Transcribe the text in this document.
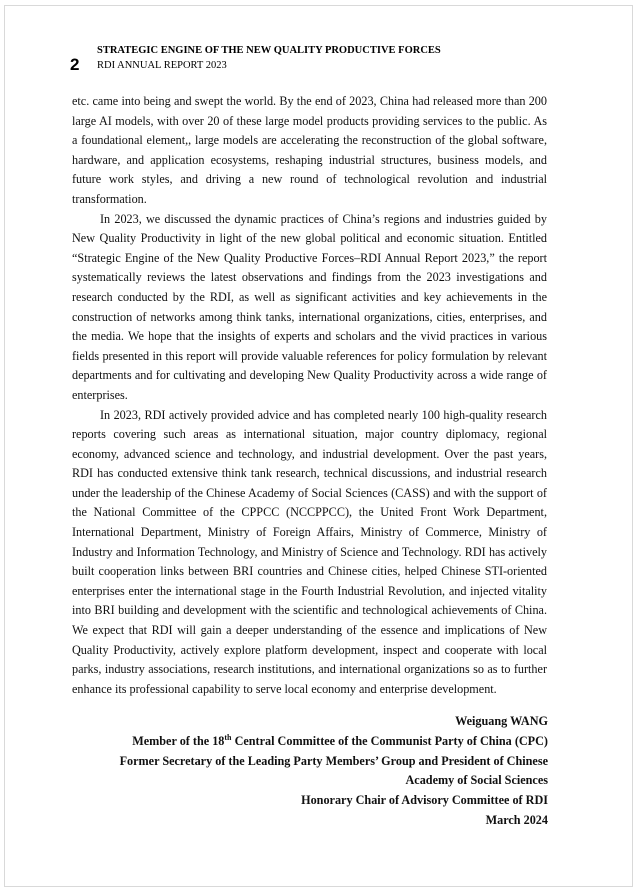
2
STRATEGIC ENGINE OF THE NEW QUALITY PRODUCTIVE FORCES
RDI ANNUAL REPORT 2023

etc. came into being and swept the world. By the end of 2023, China had released more than 200 large AI models, with over 20 of these large model products providing services to the public. As a foundational element,, large models are accelerating the reconstruction of the global software, hardware, and application ecosystems, reshaping industrial structures, business models, and future work styles, and driving a new round of technological revolution and industrial transformation.

In 2023, we discussed the dynamic practices of China’s regions and industries guided by New Quality Productivity in light of the new global political and economic situation. Entitled “Strategic Engine of the New Quality Productive Forces–RDI Annual Report 2023,” the report systematically reviews the latest observations and findings from the 2023 investigations and research conducted by the RDI, as well as significant activities and key achievements in the construction of networks among think tanks, international organizations, cities, enterprises, and the media. We hope that the insights of experts and scholars and the vivid practices in various fields presented in this report will provide valuable references for policy formulation by relevant departments and for cultivating and developing New Quality Productivity across a wide range of enterprises.

In 2023, RDI actively provided advice and has completed nearly 100 high-quality research reports covering such areas as international situation, major country diplomacy, regional economy, advanced science and technology, and industrial development. Over the past years, RDI has conducted extensive think tank research, technical discussions, and industrial research under the leadership of the Chinese Academy of Social Sciences (CASS) and with the support of the National Committee of the CPPCC (NCCPPCC), the United Front Work Department, International Department, Ministry of Foreign Affairs, Ministry of Commerce, Ministry of Industry and Information Technology, and Ministry of Science and Technology. RDI has actively built cooperation links between BRI countries and Chinese cities, helped Chinese STI-oriented enterprises enter the international stage in the Fourth Industrial Revolution, and injected vitality into BRI building and development with the scientific and technological achievements of China. We expect that RDI will gain a deeper understanding of the essence and implications of New Quality Productivity, actively explore platform development, inspect and cooperate with local parks, industry associations, research institutions, and international organizations so as to further enhance its professional capability to serve local economy and enterprise development.

Weiguang WANG
Member of the 18th Central Committee of the Communist Party of China (CPC)
Former Secretary of the Leading Party Members’ Group and President of Chinese
Academy of Social Sciences
Honorary Chair of Advisory Committee of RDI
March 2024
